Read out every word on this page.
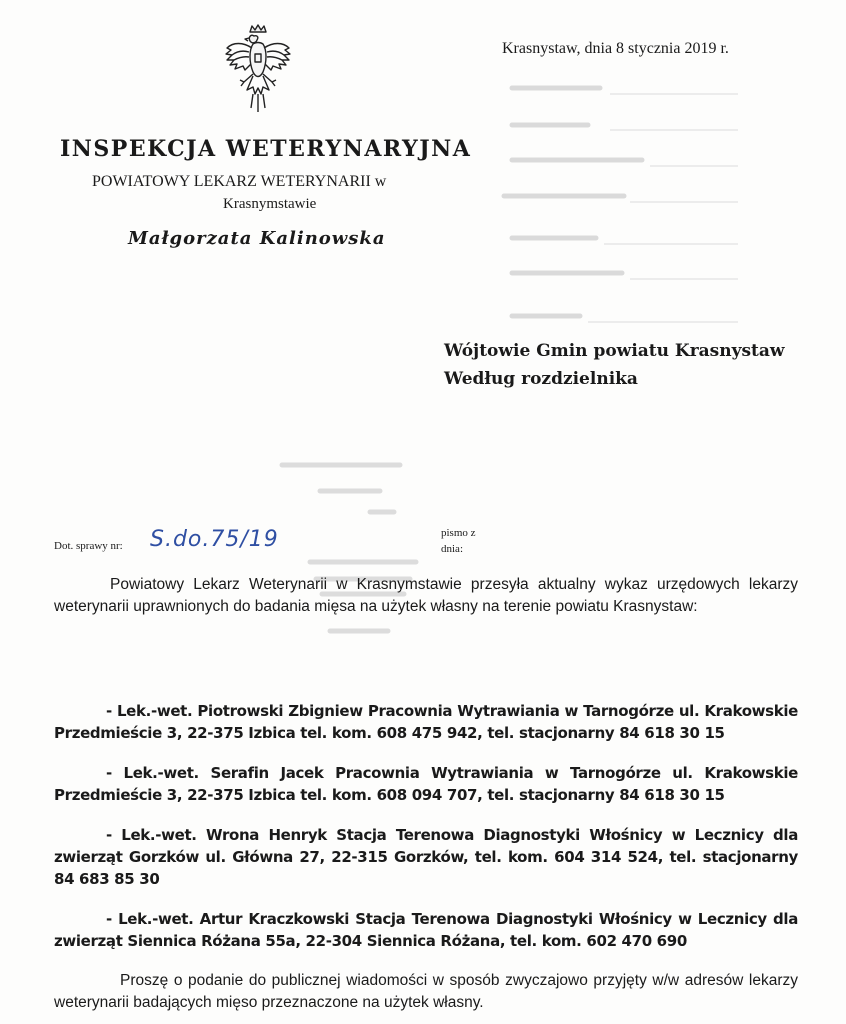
Krasnystaw, dnia 8 stycznia 2019 r.
INSPEKCJA WETERYNARYJNA
POWIATOWY LEKARZ WETERYNARII w
Krasnymstawie
Małgorzata Kalinowska
Wójtowie Gmin powiatu Krasnystaw
Według rozdzielnika
Dot. sprawy nr: S.do.75/19	pismo z
dnia:

Powiatowy Lekarz Weterynarii w Krasnymstawie przesyła aktualny wykaz urzędowych lekarzy weterynarii uprawnionych do badania mięsa na użytek własny na terenie powiatu Krasnystaw:

- Lek.-wet. Piotrowski Zbigniew Pracownia Wytrawiania w Tarnogórze ul. Krakowskie Przedmieście 3, 22-375 Izbica tel. kom. 608 475 942, tel. stacjonarny 84 618 30 15

- Lek.-wet. Serafin Jacek Pracownia Wytrawiania w Tarnogórze ul. Krakowskie Przedmieście 3, 22-375 Izbica tel. kom. 608 094 707, tel. stacjonarny 84 618 30 15

- Lek.-wet. Wrona Henryk Stacja Terenowa Diagnostyki Włośnicy w Lecznicy dla zwierząt Gorzków ul. Główna 27, 22-315 Gorzków, tel. kom. 604 314 524, tel. stacjonarny 84 683 85 30

- Lek.-wet. Artur Kraczkowski Stacja Terenowa Diagnostyki Włośnicy w Lecznicy dla zwierząt Siennica Różana 55a, 22-304 Siennica Różana, tel. kom. 602 470 690

Proszę o podanie do publicznej wiadomości w sposób zwyczajowo przyjęty w/w adresów lekarzy weterynarii badających mięso przeznaczone na użytek własny.
